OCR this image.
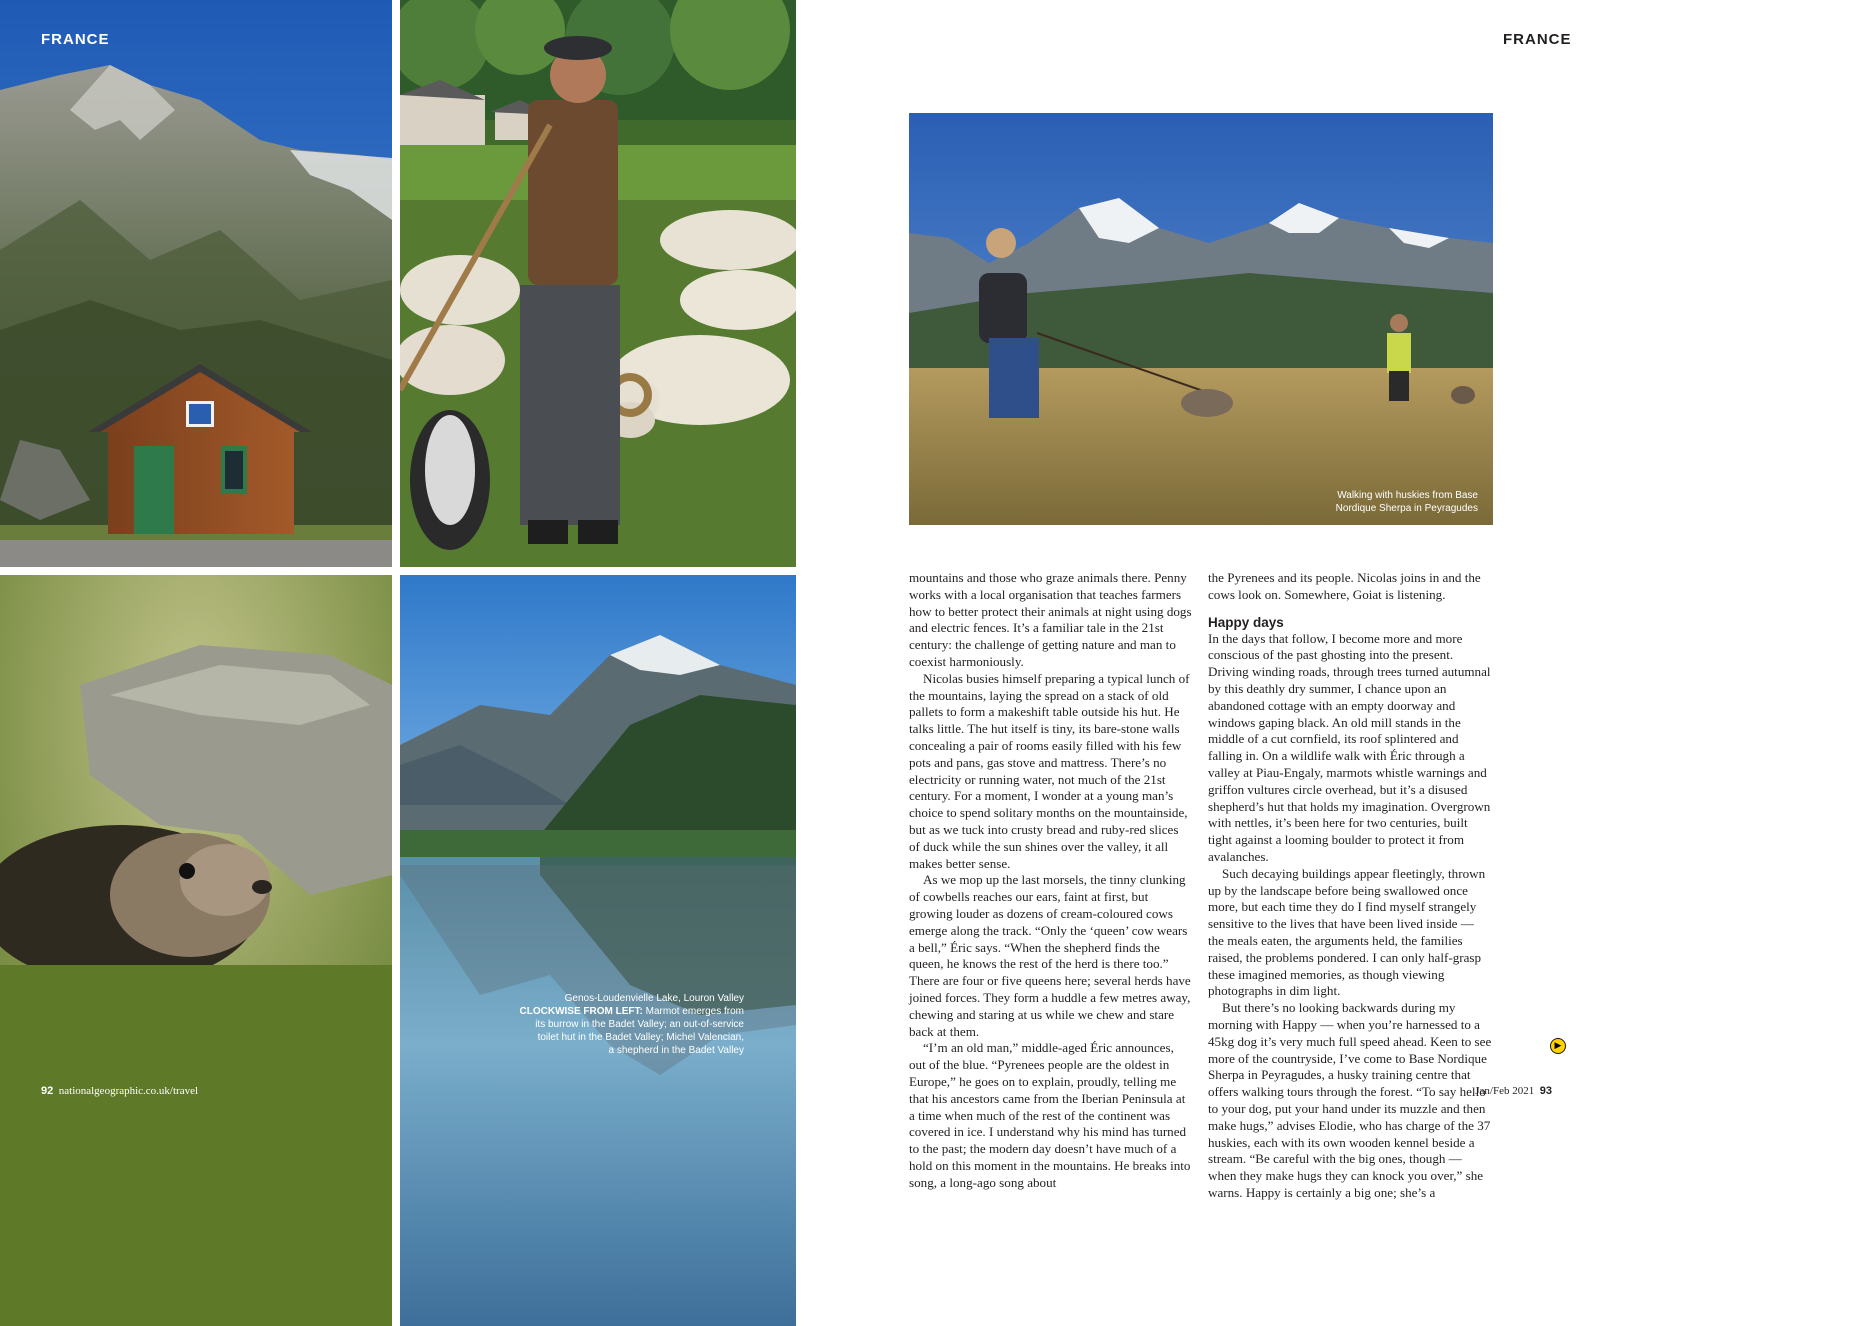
FRANCE
Genos-Loudenvielle Lake, Louron Valley
CLOCKWISE FROM LEFT: Marmot emerges from
its burrow in the Badet Valley; an out-of-service
toilet hut in the Badet Valley; Michel Valencian,
a shepherd in the Badet Valley
92 nationalgeographic.co.uk/travel
FRANCE
Walking with huskies from Base
Nordique Sherpa in Peyragudes

mountains and those who graze animals there. Penny works with a local organisation that teaches farmers how to better protect their animals at night using dogs and electric fences. It’s a familiar tale in the 21st century: the challenge of getting nature and man to coexist harmoniously.

Nicolas busies himself preparing a typical lunch of the mountains, laying the spread on a stack of old pallets to form a makeshift table outside his hut. He talks little. The hut itself is tiny, its bare-stone walls concealing a pair of rooms easily filled with his few pots and pans, gas stove and mattress. There’s no electricity or running water, not much of the 21st century. For a moment, I wonder at a young man’s choice to spend solitary months on the mountainside, but as we tuck into crusty bread and ruby-red slices of duck while the sun shines over the valley, it all makes better sense.

As we mop up the last morsels, the tinny clunking of cowbells reaches our ears, faint at first, but growing louder as dozens of cream-coloured cows emerge along the track. “Only the ‘queen’ cow wears a bell,” Éric says. “When the shepherd finds the queen, he knows the rest of the herd is there too.” There are four or five queens here; several herds have joined forces. They form a huddle a few metres away, chewing and staring at us while we chew and stare back at them.

“I’m an old man,” middle-aged Éric announces, out of the blue. “Pyrenees people are the oldest in Europe,” he goes on to explain, proudly, telling me that his ancestors came from the Iberian Peninsula at a time when much of the rest of the continent was covered in ice. I understand why his mind has turned to the past; the modern day doesn’t have much of a hold on this moment in the mountains. He breaks into song, a long-ago song about

the Pyrenees and its people. Nicolas joins in and the cows look on. Somewhere, Goiat is listening.

Happy days

In the days that follow, I become more and more conscious of the past ghosting into the present. Driving winding roads, through trees turned autumnal by this deathly dry summer, I chance upon an abandoned cottage with an empty doorway and windows gaping black. An old mill stands in the middle of a cut cornfield, its roof splintered and falling in. On a wildlife walk with Éric through a valley at Piau-Engaly, marmots whistle warnings and griffon vultures circle overhead, but it’s a disused shepherd’s hut that holds my imagination. Overgrown with nettles, it’s been here for two centuries, built tight against a looming boulder to protect it from avalanches.

Such decaying buildings appear fleetingly, thrown up by the landscape before being swallowed once more, but each time they do I find myself strangely sensitive to the lives that have been lived inside — the meals eaten, the arguments held, the families raised, the problems pondered. I can only half-grasp these imagined memories, as though viewing photographs in dim light.

But there’s no looking backwards during my morning with Happy — when you’re harnessed to a 45kg dog it’s very much full speed ahead. Keen to see more of the countryside, I’ve come to Base Nordique Sherpa in Peyragudes, a husky training centre that offers walking tours through the forest. “To say hello to your dog, put your hand under its muzzle and then make hugs,” advises Elodie, who has charge of the 37 huskies, each with its own wooden kennel beside a stream. “Be careful with the big ones, though — when they make hugs they can knock you over,” she warns. Happy is certainly a big one; she’s a

▶
Jan/Feb 2021 93
